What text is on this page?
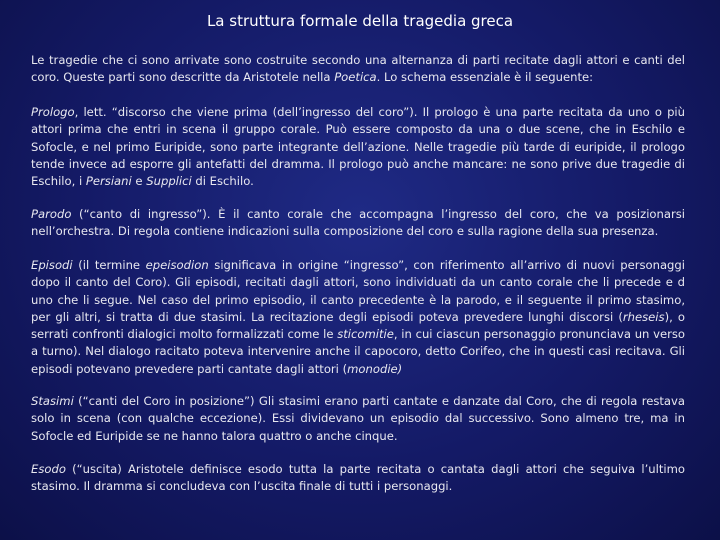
La struttura formale della tragedia greca

Le tragedie che ci sono arrivate sono costruite secondo una alternanza di parti recitate dagli attori e canti del coro. Queste parti sono descritte da Aristotele nella Poetica. Lo schema essenziale è il seguente:

Prologo, lett. “discorso che viene prima (dell’ingresso del coro”). Il prologo è una parte recitata da uno o più attori prima che entri in scena il gruppo corale. Può essere composto da una o due scene, che in Eschilo e Sofocle, e nel primo Euripide, sono parte integrante dell’azione. Nelle tragedie più tarde di euripide, il prologo tende invece ad esporre gli antefatti del dramma. Il prologo può anche mancare: ne sono prive due tragedie di Eschilo, i Persiani e Supplici di Eschilo.

Parodo (“canto di ingresso”). È il canto corale che accompagna l’ingresso del coro, che va posizionarsi nell’orchestra. Di regola contiene indicazioni sulla composizione del coro e sulla ragione della sua presenza.

Episodi (il termine epeisodion significava in origine “ingresso”, con riferimento all’arrivo di nuovi personaggi dopo il canto del Coro). Gli episodi, recitati dagli attori, sono individuati da un canto corale che li precede e d uno che li segue. Nel caso del primo episodio, il canto precedente è la parodo, e il seguente il primo stasimo, per gli altri, si tratta di due stasimi. La recitazione degli episodi poteva prevedere lunghi discorsi (rheseis), o serrati confronti dialogici molto formalizzati come le sticomitie, in cui ciascun personaggio pronunciava un verso a turno). Nel dialogo racitato poteva intervenire anche il capocoro, detto Corifeo, che in questi casi recitava. Gli episodi potevano prevedere parti cantate dagli attori (monodie)

Stasimi (“canti del Coro in posizione”) Gli stasimi erano parti cantate e danzate dal Coro, che di regola restava solo in scena (con qualche eccezione). Essi dividevano un episodio dal successivo. Sono almeno tre, ma in Sofocle ed Euripide se ne hanno talora quattro o anche cinque.

Esodo (“uscita) Aristotele definisce esodo tutta la parte recitata o cantata dagli attori che seguiva l’ultimo stasimo. Il dramma si concludeva con l’uscita finale di tutti i personaggi.
